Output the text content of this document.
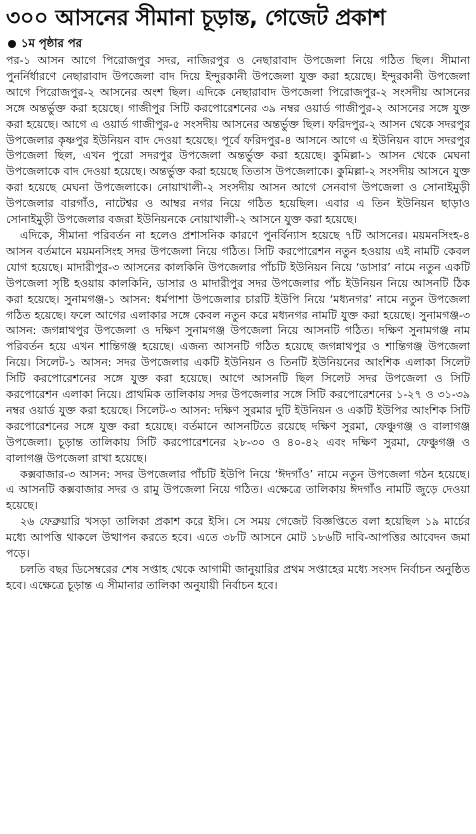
৩০০ আসনের সীমানা চূড়ান্ত, গেজেট প্রকাশ
১ম পৃষ্ঠার পর

পর-১ আসন আগে পিরোজপুর সদর, নাজিরপুর ও নেছারাবাদ উপজেলা নিয়ে গঠিত ছিল। সীমানা পুনর্নির্ধারণে নেছারাবাদ উপজেলা বাদ দিয়ে ইন্দুরকানী উপজেলা যুক্ত করা হয়েছে। ইন্দুরকানী উপজেলা আগে পিরোজপুর-২ আসনের অংশ ছিল। এদিকে নেছারাবাদ উপজেলা পিরোজপুর-২ সংসদীয় আসনের সঙ্গে অন্তর্ভুক্ত করা হয়েছে। গাজীপুর সিটি করপোরেশনের ৩৯ নম্বর ওয়ার্ড গাজীপুর-২ আসনের সঙ্গে যুক্ত করা হয়েছে। আগে এ ওয়ার্ড গাজীপুর-৫ সংসদীয় আসনের অন্তর্ভুক্ত ছিল। ফরিদপুর-২ আসন থেকে সদরপুর উপজেলার কৃষ্ণপুর ইউনিয়ন বাদ দেওয়া হয়েছে। পূর্বে ফরিদপুর-৪ আসনে আগে এ ইউনিয়ন বাদে সদরপুর উপজেলা ছিল, এখন পুরো সদরপুর উপজেলা অন্তর্ভুক্ত করা হয়েছে। কুমিল্লা-১ আসন থেকে মেঘনা উপজেলাকে বাদ দেওয়া হয়েছে। অন্তর্ভুক্ত করা হয়েছে তিতাস উপজেলাকে। কুমিল্লা-২ সংসদীয় আসনে যুক্ত করা হয়েছে মেঘনা উপজেলাকে। নোয়াখালী-২ সংসদীয় আসন আগে সেনবাগ উপজেলা ও সোনাইমুড়ী উপজেলার বারগাঁও, নাটেশ্বর ও আম্বর নগর নিয়ে গঠিত হয়েছিল। এবার এ তিন ইউনিয়ন ছাড়াও সোনাইমুড়ী উপজেলার বজরা ইউনিয়নকে নোয়াখালী-২ আসনে যুক্ত করা হয়েছে।

এদিকে, সীমানা পরিবর্তন না হলেও প্রশাসনিক কারণে পুনর্বিন্যাস হয়েছে ৭টি আসনের। ময়মনসিংহ-৪ আসন বর্তমানে ময়মনসিংহ সদর উপজেলা নিয়ে গঠিত। সিটি করপোরেশন নতুন হওয়ায় এই নামটি কেবল যোগ হয়েছে। মাদারীপুর-৩ আসনের কালকিনি উপজেলার পাঁচটি ইউনিয়ন নিয়ে ‘ডাসার’ নামে নতুন একটি উপজেলা সৃষ্টি হওয়ায় কালকিনি, ডাসার ও মাদারীপুর সদর উপজেলার পাঁচ ইউনিয়ন নিয়ে আসনটি ঠিক করা হয়েছে। সুনামগঞ্জ-১ আসন: ধর্মপাশা উপজেলার চারটি ইউপি নিয়ে ‘মধ্যনগর’ নামে নতুন উপজেলা গঠিত হয়েছে। ফলে আগের এলাকার সঙ্গে কেবল নতুন করে মধ্যনগর নামটি যুক্ত করা হয়েছে। সুনামগঞ্জ-৩ আসন: জগন্নাথপুর উপজেলা ও দক্ষিণ সুনামগঞ্জ উপজেলা নিয়ে আসনটি গঠিত। দক্ষিণ সুনামগঞ্জ নাম পরিবর্তন হয়ে এখন শান্তিগঞ্জ হয়েছে। এজন্য আসনটি গঠিত হয়েছে জগন্নাথপুর ও শান্তিগঞ্জ উপজেলা নিয়ে। সিলেট-১ আসন: সদর উপজেলার একটি ইউনিয়ন ও তিনটি ইউনিয়নের আংশিক এলাকা সিলেট সিটি করপোরেশনের সঙ্গে যুক্ত করা হয়েছে। আগে আসনটি ছিল সিলেট সদর উপজেলা ও সিটি করপোরেশন এলাকা নিয়ে। প্রাথমিক তালিকায় সদর উপজেলার সঙ্গে সিটি করপোরেশনের ১-২৭ ও ৩১-৩৯ নম্বর ওয়ার্ড যুক্ত করা হয়েছে। সিলেট-৩ আসন: দক্ষিণ সুরমার দুটি ইউনিয়ন ও একটি ইউপির আংশিক সিটি করপোরেশনের সঙ্গে যুক্ত করা হয়েছে। বর্তমানে আসনটিতে রয়েছে দক্ষিণ সুরমা, ফেঞ্চুগঞ্জ ও বালাগঞ্জ উপজেলা। চূড়ান্ত তালিকায় সিটি করপোরেশনের ২৮-৩০ ও ৪০-৪২ এবং দক্ষিণ সুরমা, ফেঞ্চুগঞ্জ ও বালাগঞ্জ উপজেলা রাখা হয়েছে।

কক্সবাজার-৩ আসন: সদর উপজেলার পাঁচটি ইউপি নিয়ে ‘ঈদগাঁও’ নামে নতুন উপজেলা গঠন হয়েছে। এ আসনটি কক্সবাজার সদর ও রামু উপজেলা নিয়ে গঠিত। এক্ষেত্রে তালিকায় ঈদগাঁও নামটি জুড়ে দেওয়া হয়েছে।

২৬ ফেব্রুয়ারি খসড়া তালিকা প্রকাশ করে ইসি। সে সময় গেজেট বিজ্ঞপ্তিতে বলা হয়েছিল ১৯ মার্চের মধ্যে আপত্তি থাকলে উত্থাপন করতে হবে। এতে ৩৮টি আসনে মোট ১৮৬টি দাবি-আপত্তির আবেদন জমা পড়ে।

চলতি বছর ডিসেম্বরের শেষ সপ্তাহ থেকে আগামী জানুয়ারির প্রথম সপ্তাহের মধ্যে সংসদ নির্বাচন অনুষ্ঠিত হবে। এক্ষেত্রে চূড়ান্ত এ সীমানার তালিকা অনুযায়ী নির্বাচন হবে।
